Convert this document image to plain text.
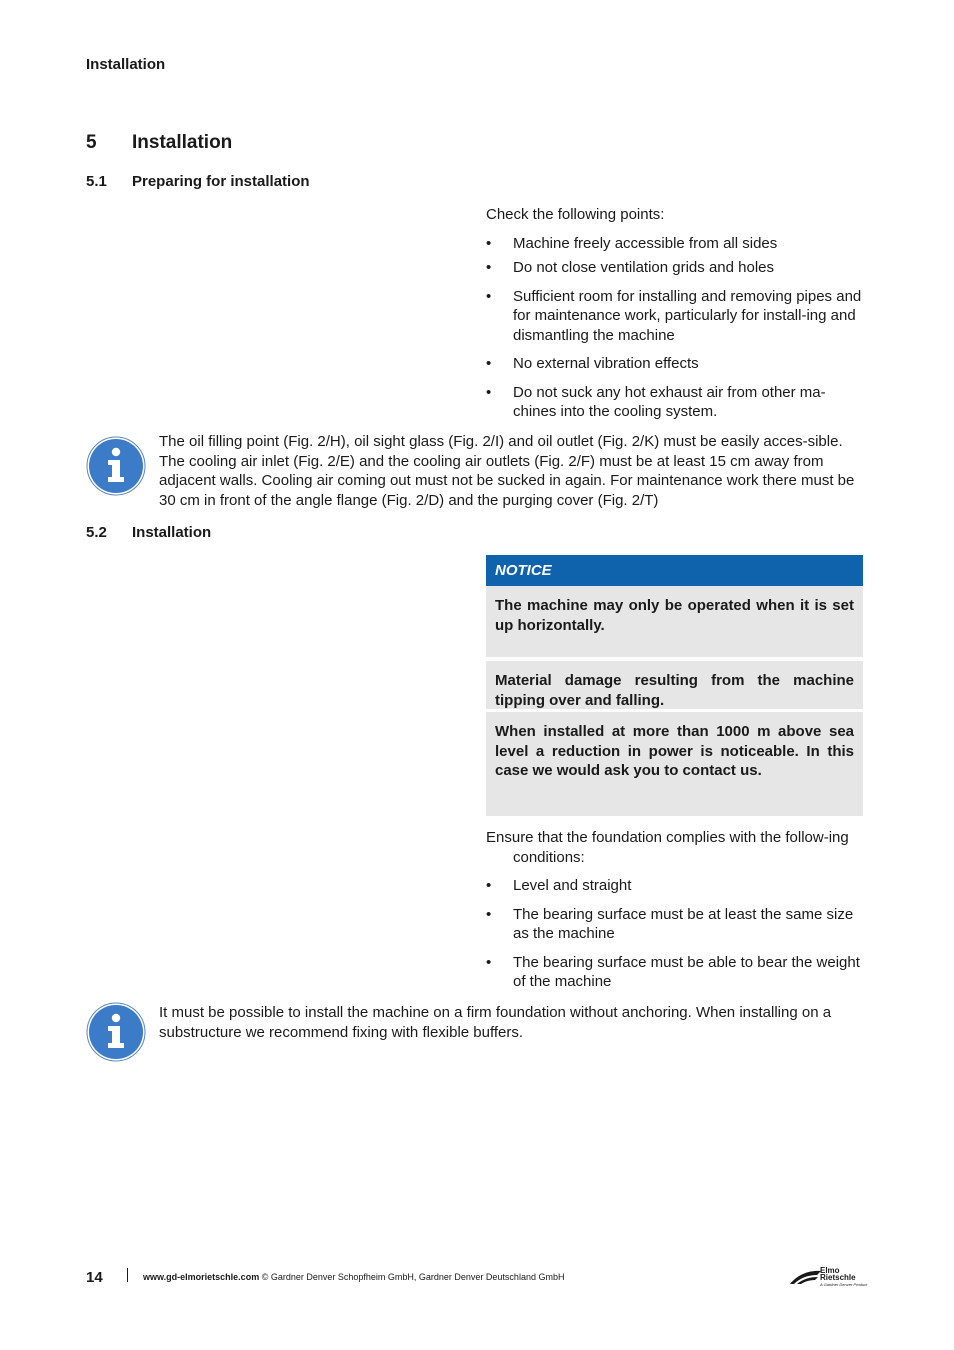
Installation
5 Installation
5.1 Preparing for installation

Check the following points:

• Machine freely accessible from all sides
• Do not close ventilation grids and holes
• Sufficient room for installing and removing pipes and for maintenance work, particularly for install-ing and dismantling the machine
• No external vibration effects
• Do not suck any hot exhaust air from other ma-chines into the cooling system.

The oil filling point (Fig. 2/H), oil sight glass (Fig. 2/I) and oil outlet (Fig. 2/K) must be easily acces-sible. The cooling air inlet (Fig. 2/E) and the cooling air outlets (Fig. 2/F) must be at least 15 cm away from adjacent walls. Cooling air coming out must not be sucked in again. For maintenance work there must be 30 cm in front of the angle flange (Fig. 2/D) and the purging cover (Fig. 2/T)

5.2 Installation
NOTICE
The machine may only be operated when it is set up horizontally.
Material damage resulting from the machine tipping over and falling.
When installed at more than 1000 m above sea level a reduction in power is noticeable. In this case we would ask you to contact us.

Ensure that the foundation complies with the follow-ing conditions:

• Level and straight
• The bearing surface must be at least the same size as the machine
• The bearing surface must be able to bear the weight of the machine

It must be possible to install the machine on a firm foundation without anchoring. When installing on a substructure we recommend fixing with flexible buffers.

14	www.gd-elmorietschle.com © Gardner Denver Schopfheim GmbH, Gardner Denver Deutschland GmbH
Elmo
Rietschle
A Gardner Denver Product
